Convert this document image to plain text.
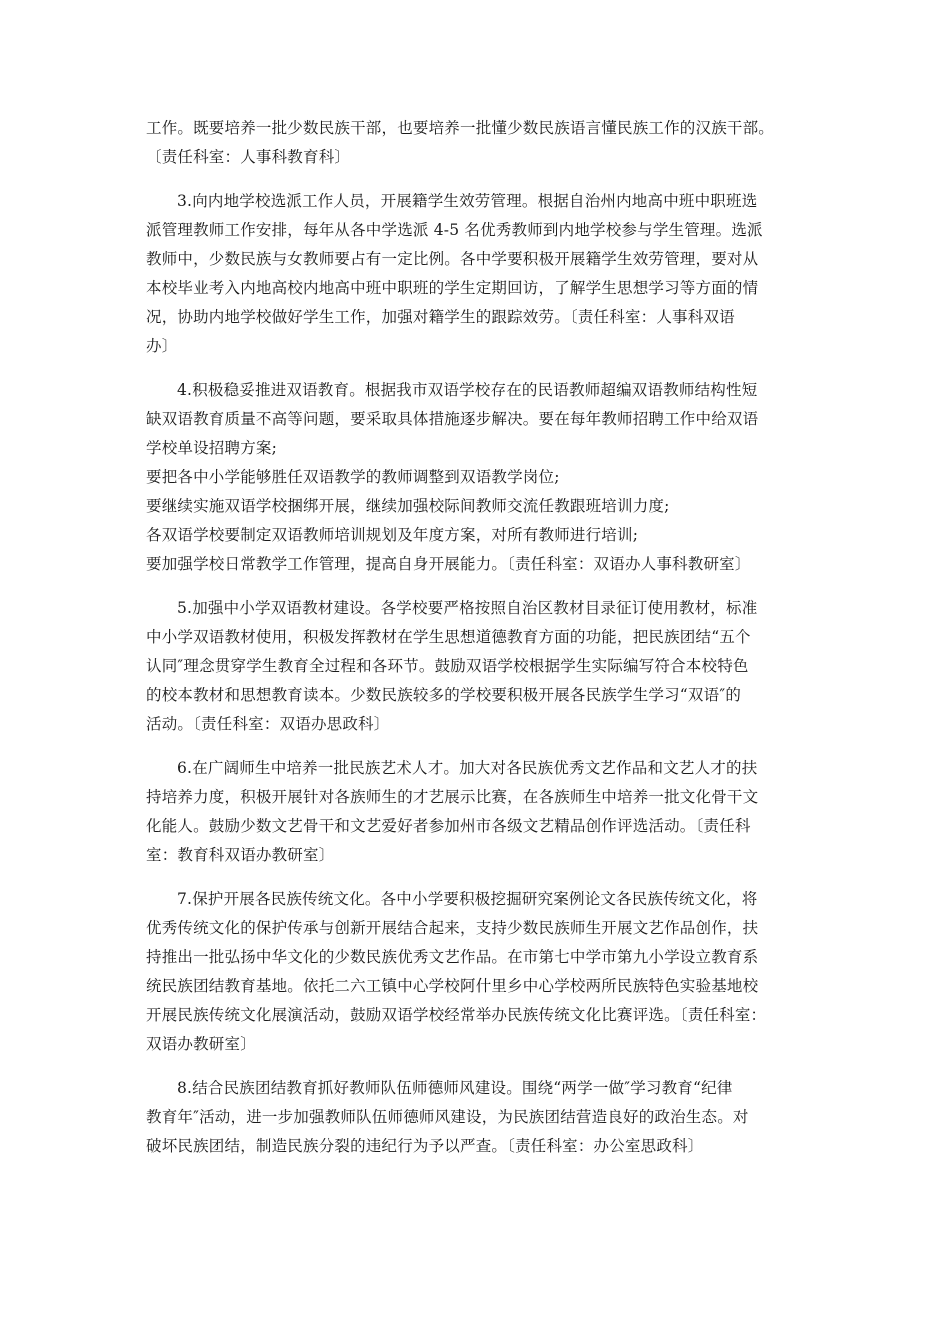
工作。既要培养一批少数民族干部，也要培养一批懂少数民族语言懂民族工作的汉族干部。
〔责任科室：人事科教育科〕
3.向内地学校选派工作人员，开展籍学生效劳管理。根据自治州内地高中班中职班选
派管理教师工作安排，每年从各中学选派 4-5 名优秀教师到内地学校参与学生管理。选派
教师中，少数民族与女教师要占有一定比例。各中学要积极开展籍学生效劳管理，要对从
本校毕业考入内地高校内地高中班中职班的学生定期回访，了解学生思想学习等方面的情
况，协助内地学校做好学生工作，加强对籍学生的跟踪效劳。〔责任科室：人事科双语
办〕
4.积极稳妥推进双语教育。根据我市双语学校存在的民语教师超编双语教师结构性短
缺双语教育质量不高等问题，要采取具体措施逐步解决。要在每年教师招聘工作中给双语
学校单设招聘方案;
要把各中小学能够胜任双语教学的教师调整到双语教学岗位;
要继续实施双语学校捆绑开展，继续加强校际间教师交流任教跟班培训力度;
各双语学校要制定双语教师培训规划及年度方案，对所有教师进行培训;
要加强学校日常教学工作管理，提高自身开展能力。〔责任科室：双语办人事科教研室〕
5.加强中小学双语教材建设。各学校要严格按照自治区教材目录征订使用教材，标准
中小学双语教材使用，积极发挥教材在学生思想道德教育方面的功能，把民族团结“五个
认同″理念贯穿学生教育全过程和各环节。鼓励双语学校根据学生实际编写符合本校特色
的校本教材和思想教育读本。少数民族较多的学校要积极开展各民族学生学习“双语″的
活动。〔责任科室：双语办思政科〕
6.在广阔师生中培养一批民族艺术人才。加大对各民族优秀文艺作品和文艺人才的扶
持培养力度，积极开展针对各族师生的才艺展示比赛，在各族师生中培养一批文化骨干文
化能人。鼓励少数文艺骨干和文艺爱好者参加州市各级文艺精品创作评选活动。〔责任科
室：教育科双语办教研室〕
7.保护开展各民族传统文化。各中小学要积极挖掘研究案例论文各民族传统文化，将
优秀传统文化的保护传承与创新开展结合起来，支持少数民族师生开展文艺作品创作，扶
持推出一批弘扬中华文化的少数民族优秀文艺作品。在市第七中学市第九小学设立教育系
统民族团结教育基地。依托二六工镇中心学校阿什里乡中心学校两所民族特色实验基地校
开展民族传统文化展演活动，鼓励双语学校经常举办民族传统文化比赛评选。〔责任科室：
双语办教研室〕
8.结合民族团结教育抓好教师队伍师德师风建设。围绕“两学一做″学习教育“纪律
教育年″活动，进一步加强教师队伍师德师风建设，为民族团结营造良好的政治生态。对
破坏民族团结，制造民族分裂的违纪行为予以严查。〔责任科室：办公室思政科〕
